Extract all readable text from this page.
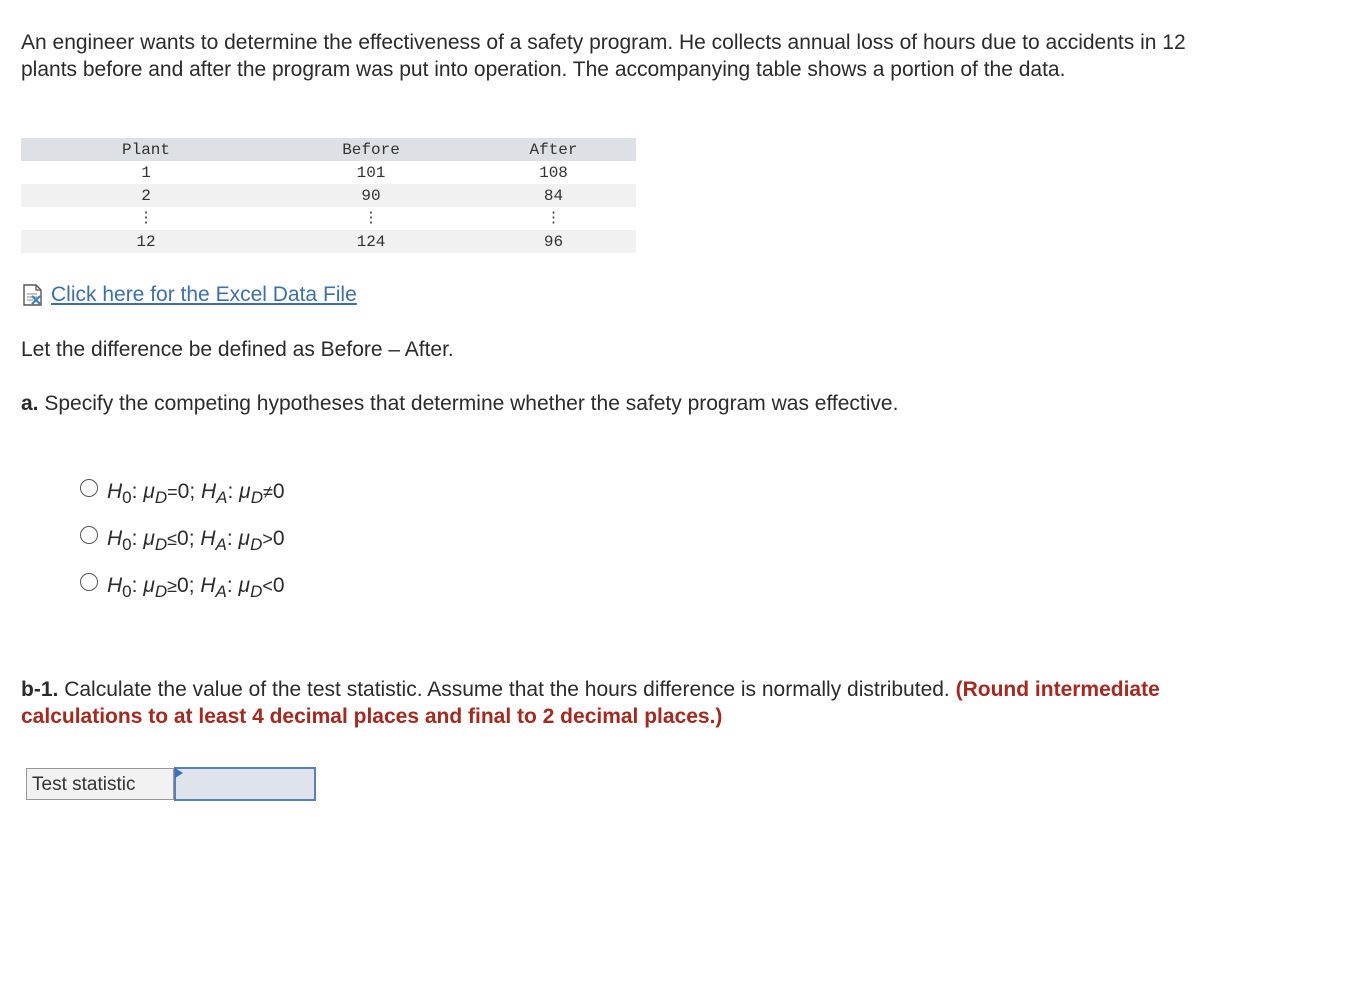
An engineer wants to determine the effectiveness of a safety program. He collects annual loss of hours due to accidents in 12 plants before and after the program was put into operation. The accompanying table shows a portion of the data.

Plant	Before	After
1	101	108
2	90	84
⋮	⋮	⋮
12	124	96
Click here for the Excel Data File

Let the difference be defined as Before – After.

a. Specify the competing hypotheses that determine whether the safety program was effective.

$H_0$: $\mu_D=0$; $H_A$: $\mu_D\ne 0$
$H_0$: $\mu_D\le 0$; $H_A$: $\mu_D>0$
$H_0$: $\mu_D\ge 0$; $H_A$: $\mu_D<0$

b-1. Calculate the value of the test statistic. Assume that the hours difference is normally distributed. (Round intermediate calculations to at least 4 decimal places and final to 2 decimal places.)

Test statistic
